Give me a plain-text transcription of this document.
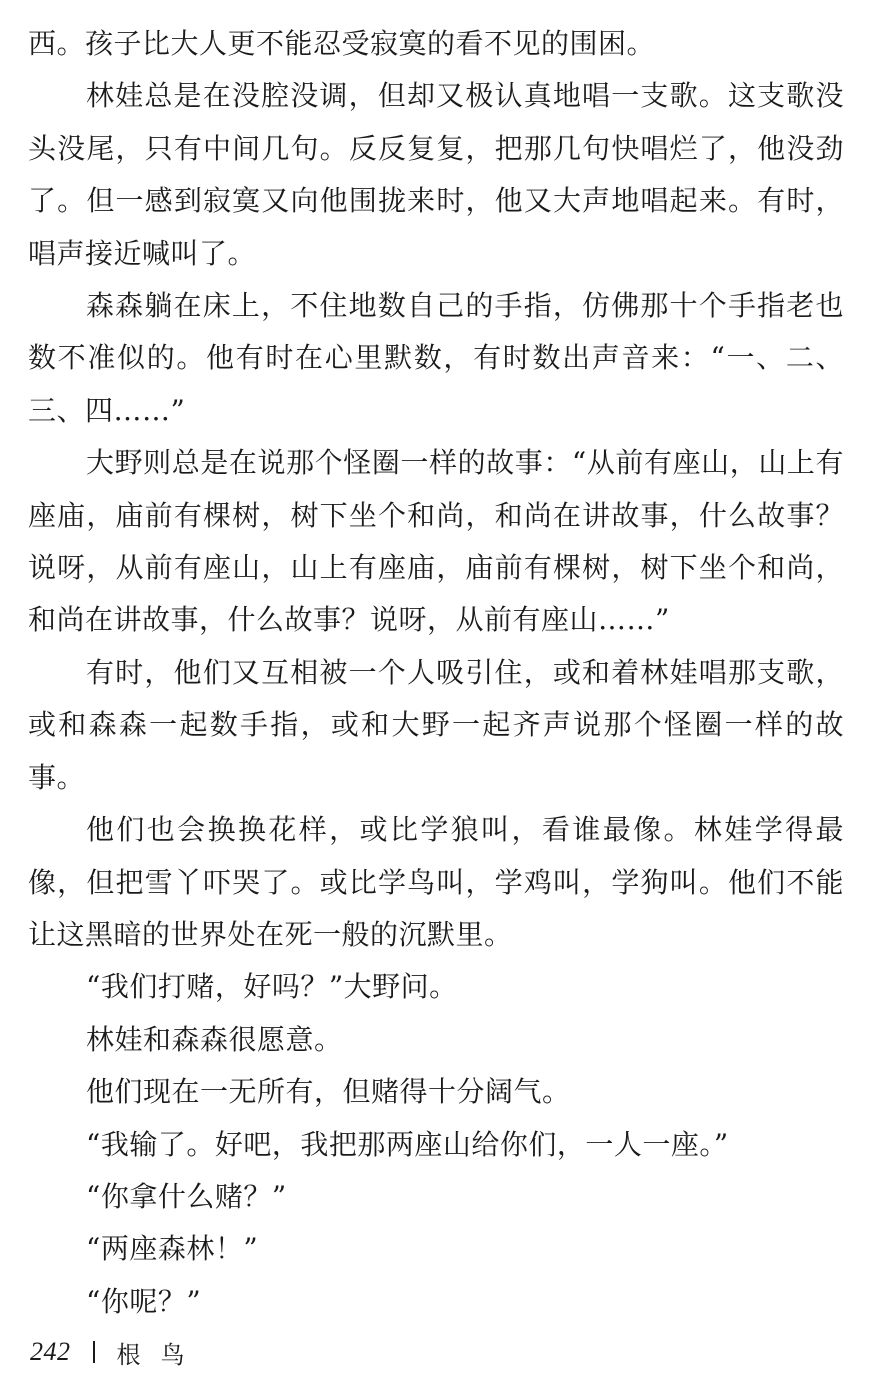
西。孩子比大人更不能忍受寂寞的看不见的围困。

林娃总是在没腔没调，但却又极认真地唱一支歌。这支歌没头没尾，只有中间几句。反反复复，把那几句快唱烂了，他没劲了。但一感到寂寞又向他围拢来时，他又大声地唱起来。有时，唱声接近喊叫了。

森森躺在床上，不住地数自己的手指，仿佛那十个手指老也数不准似的。他有时在心里默数，有时数出声音来：“一、二、三、四……”

大野则总是在说那个怪圈一样的故事：“从前有座山，山上有座庙，庙前有棵树，树下坐个和尚，和尚在讲故事，什么故事？说呀，从前有座山，山上有座庙，庙前有棵树，树下坐个和尚，和尚在讲故事，什么故事？说呀，从前有座山……”

有时，他们又互相被一个人吸引住，或和着林娃唱那支歌，或和森森一起数手指，或和大野一起齐声说那个怪圈一样的故事。

他们也会换换花样，或比学狼叫，看谁最像。林娃学得最像，但把雪丫吓哭了。或比学鸟叫，学鸡叫，学狗叫。他们不能让这黑暗的世界处在死一般的沉默里。

“我们打赌，好吗？”大野问。

林娃和森森很愿意。

他们现在一无所有，但赌得十分阔气。

“我输了。好吧，我把那两座山给你们，一人一座。”

“你拿什么赌？”

“两座森林！”

“你呢？”

242 根鸟
